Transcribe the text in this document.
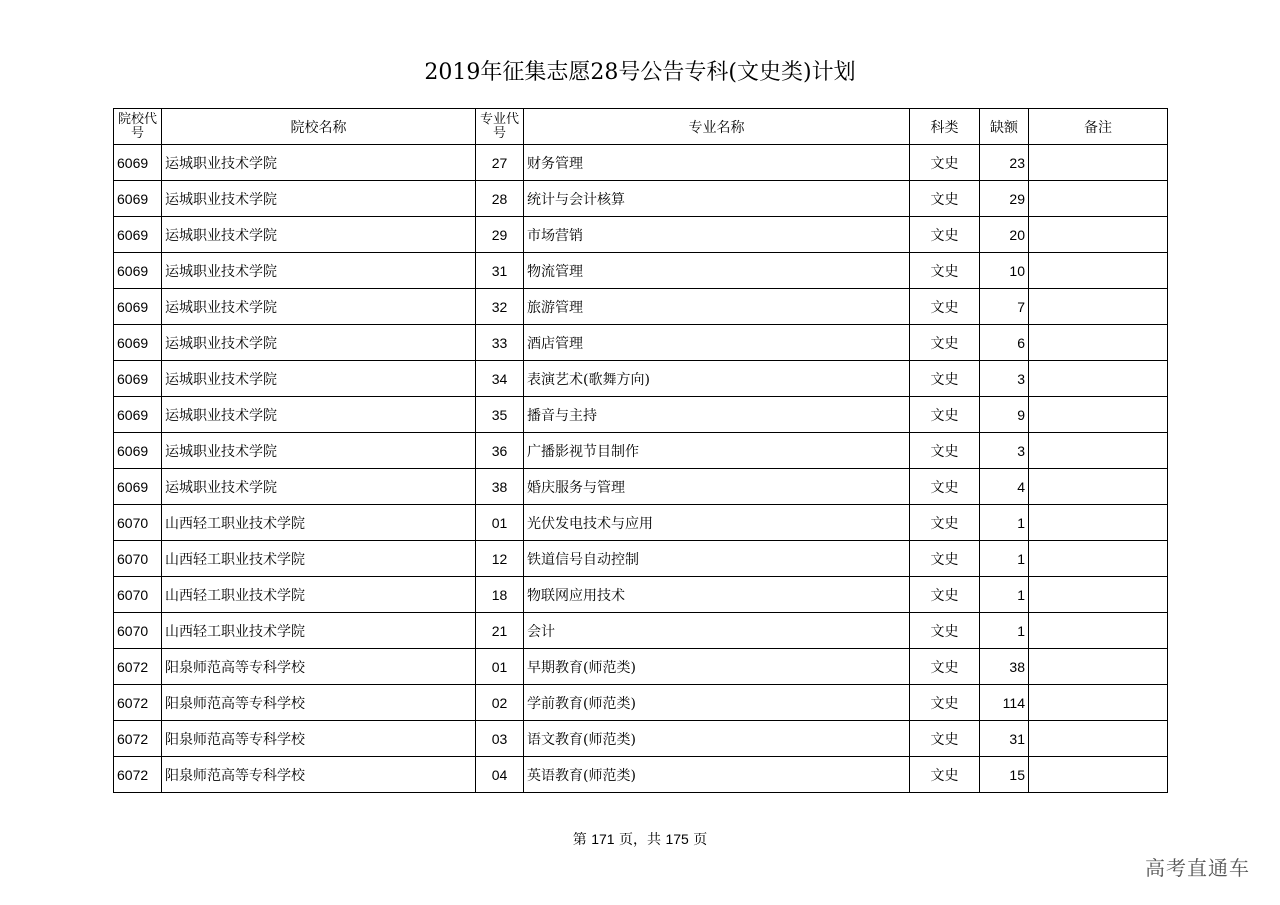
2019年征集志愿28号公告专科(文史类)计划
院校代号	院校名称	专业代号	专业名称	科类	缺额	备注
6069	运城职业技术学院	27	财务管理	文史	23	
6069	运城职业技术学院	28	统计与会计核算	文史	29	
6069	运城职业技术学院	29	市场营销	文史	20	
6069	运城职业技术学院	31	物流管理	文史	10	
6069	运城职业技术学院	32	旅游管理	文史	7	
6069	运城职业技术学院	33	酒店管理	文史	6	
6069	运城职业技术学院	34	表演艺术(歌舞方向)	文史	3	
6069	运城职业技术学院	35	播音与主持	文史	9	
6069	运城职业技术学院	36	广播影视节目制作	文史	3	
6069	运城职业技术学院	38	婚庆服务与管理	文史	4	
6070	山西轻工职业技术学院	01	光伏发电技术与应用	文史	1	
6070	山西轻工职业技术学院	12	铁道信号自动控制	文史	1	
6070	山西轻工职业技术学院	18	物联网应用技术	文史	1	
6070	山西轻工职业技术学院	21	会计	文史	1	
6072	阳泉师范高等专科学校	01	早期教育(师范类)	文史	38	
6072	阳泉师范高等专科学校	02	学前教育(师范类)	文史	114	
6072	阳泉师范高等专科学校	03	语文教育(师范类)	文史	31	
6072	阳泉师范高等专科学校	04	英语教育(师范类)	文史	15	
第 171 页，共 175 页
高考直通车
